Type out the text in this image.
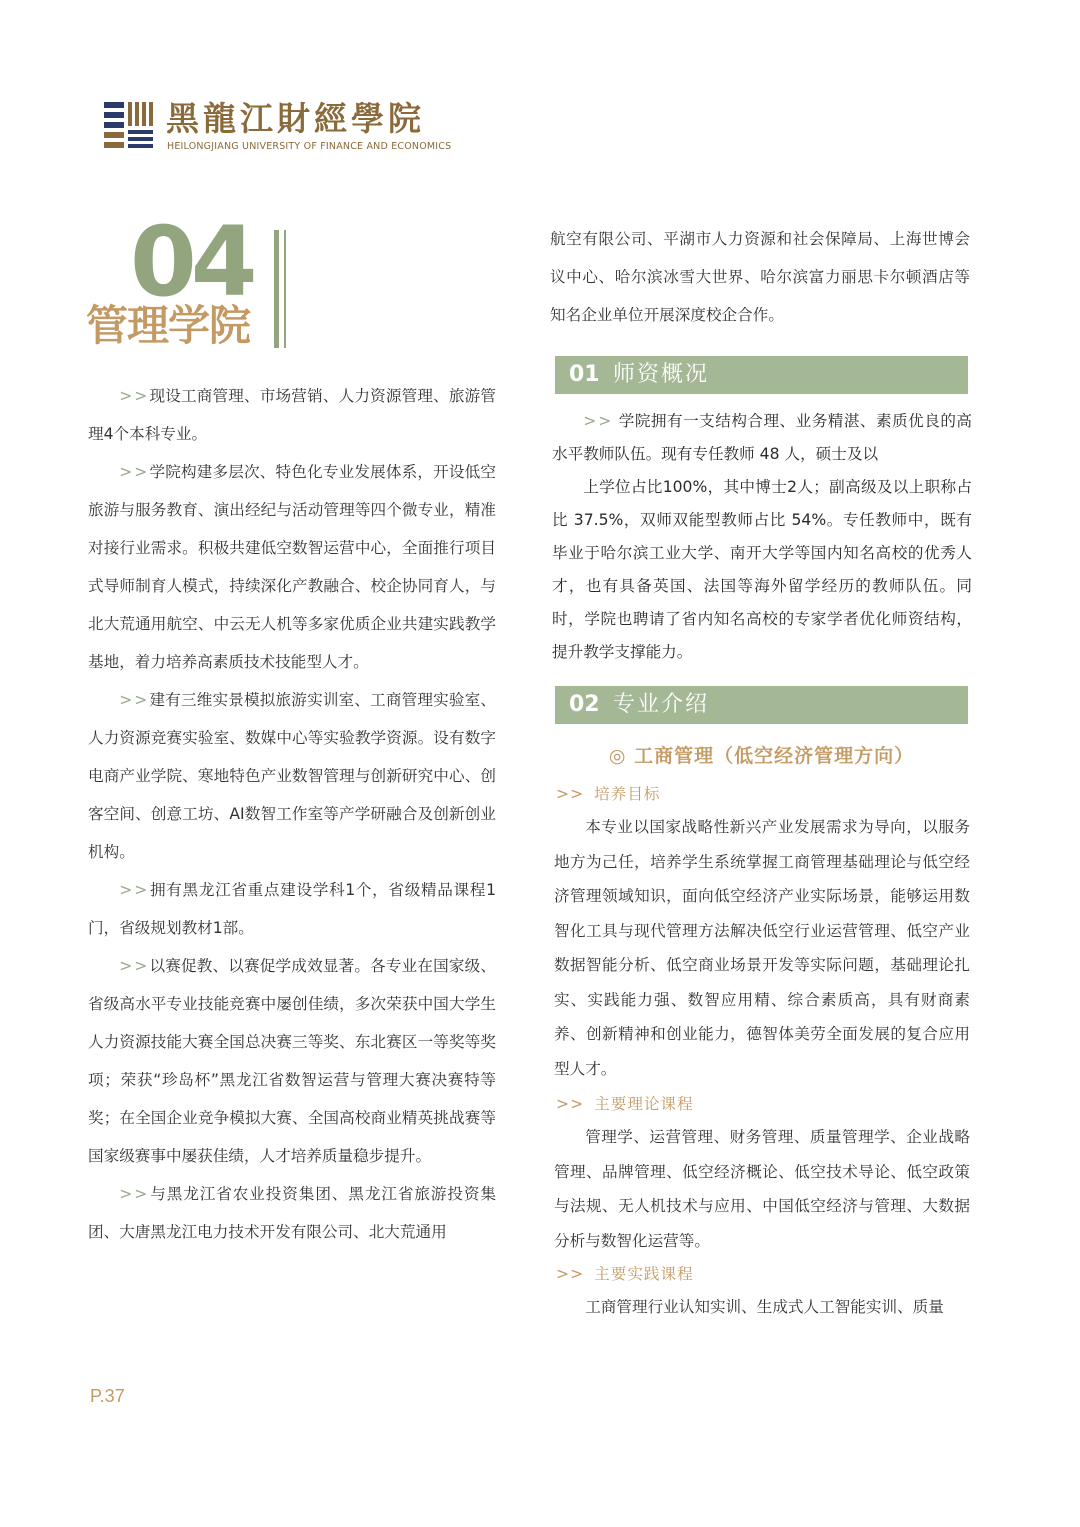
黑龍江財經學院
HEILONGJIANG UNIVERSITY OF FINANCE AND ECONOMICS
04
管理学院

>>现设工商管理、市场营销、人力资源管理、旅游管理4个本科专业。

>>学院构建多层次、特色化专业发展体系，开设低空旅游与服务教育、演出经纪与活动管理等四个微专业，精准对接行业需求。积极共建低空数智运营中心，全面推行项目式导师制育人模式，持续深化产教融合、校企协同育人，与北大荒通用航空、中云无人机等多家优质企业共建实践教学基地，着力培养高素质技术技能型人才。

>>建有三维实景模拟旅游实训室、工商管理实验室、人力资源竞赛实验室、数媒中心等实验教学资源。设有数字电商产业学院、寒地特色产业数智管理与创新研究中心、创客空间、创意工坊、AI数智工作室等产学研融合及创新创业机构。

>>拥有黑龙江省重点建设学科1个，省级精品课程1门，省级规划教材1部。

>>以赛促教、以赛促学成效显著。各专业在国家级、省级高水平专业技能竞赛中屡创佳绩，多次荣获中国大学生人力资源技能大赛全国总决赛三等奖、东北赛区一等奖等奖项；荣获“珍岛杯”黑龙江省数智运营与管理大赛决赛特等奖；在全国企业竞争模拟大赛、全国高校商业精英挑战赛等国家级赛事中屡获佳绩，人才培养质量稳步提升。

>>与黑龙江省农业投资集团、黑龙江省旅游投资集团、大唐黑龙江电力技术开发有限公司、北大荒通用

航空有限公司、平湖市人力资源和社会保障局、上海世博会议中心、哈尔滨冰雪大世界、哈尔滨富力丽思卡尔顿酒店等知名企业单位开展深度校企合作。

01 师资概况

>> 学院拥有一支结构合理、业务精湛、素质优良的高水平教师队伍。现有专任教师 48 人，硕士及以

上学位占比100%，其中博士2人；副高级及以上职称占比 37.5%，双师双能型教师占比 54%。专任教师中，既有毕业于哈尔滨工业大学、南开大学等国内知名高校的优秀人才，也有具备英国、法国等海外留学经历的教师队伍。同时，学院也聘请了省内知名高校的专家学者优化师资结构，提升教学支撑能力。

02 专业介绍
◎ 工商管理（低空经济管理方向）
>> 培养目标

本专业以国家战略性新兴产业发展需求为导向，以服务地方为己任，培养学生系统掌握工商管理基础理论与低空经济管理领域知识，面向低空经济产业实际场景，能够运用数智化工具与现代管理方法解决低空行业运营管理、低空产业数据智能分析、低空商业场景开发等实际问题，基础理论扎实、实践能力强、数智应用精、综合素质高，具有财商素养、创新精神和创业能力，德智体美劳全面发展的复合应用型人才。

>> 主要理论课程

管理学、运营管理、财务管理、质量管理学、企业战略管理、品牌管理、低空经济概论、低空技术导论、低空政策与法规、无人机技术与应用、中国低空经济与管理、大数据分析与数智化运营等。

>> 主要实践课程

工商管理行业认知实训、生成式人工智能实训、质量

P.37
